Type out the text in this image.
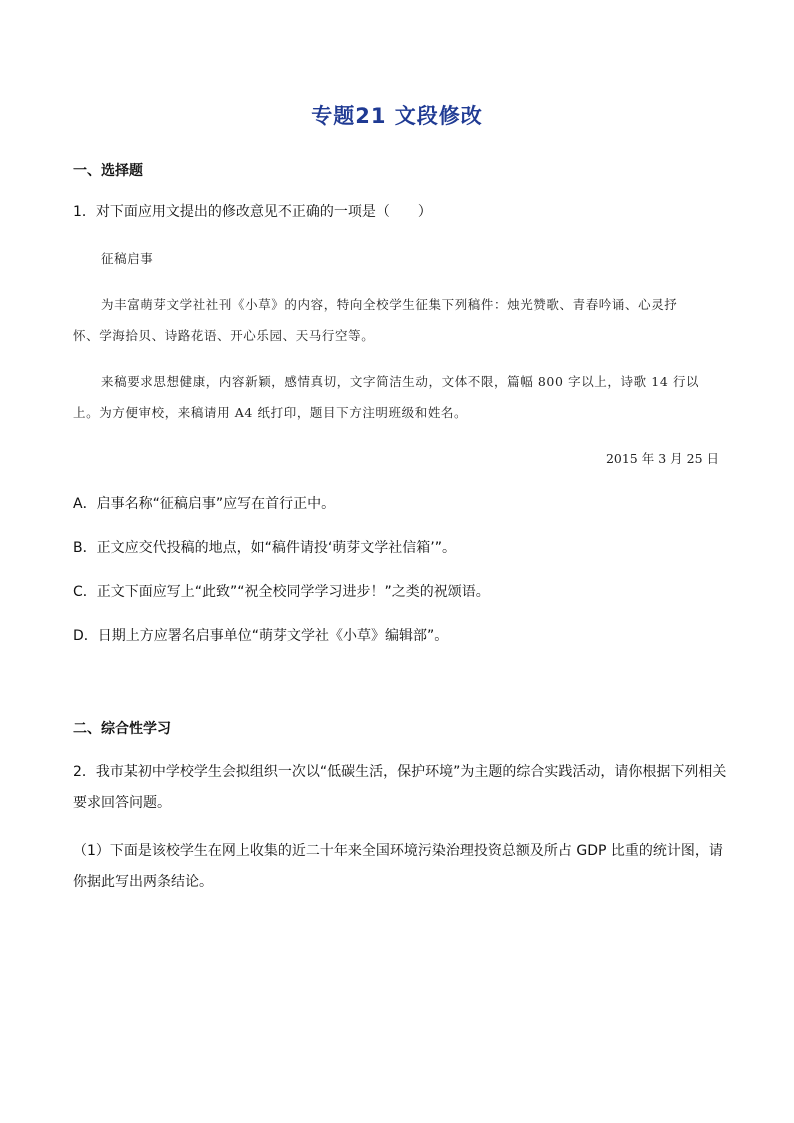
专题21 文段修改
一、选择题
1．对下面应用文提出的修改意见不正确的一项是（　　）
征稿启事
为丰富萌芽文学社社刊《小草》的内容，特向全校学生征集下列稿件：烛光赞歌、青春吟诵、心灵抒
怀、学海拾贝、诗路花语、开心乐园、天马行空等。
来稿要求思想健康，内容新颖，感情真切，文字简洁生动，文体不限，篇幅 800 字以上，诗歌 14 行以
上。为方便审校，来稿请用 A4 纸打印，题目下方注明班级和姓名。
2015 年 3 月 25 日
A．启事名称“征稿启事”应写在首行正中。
B．正文应交代投稿的地点，如“稿件请投‘萌芽文学社信箱’”。
C．正文下面应写上“此致”“祝全校同学学习进步！”之类的祝颂语。
D．日期上方应署名启事单位“萌芽文学社《小草》编辑部”。
二、综合性学习
2．我市某初中学校学生会拟组织一次以“低碳生活，保护环境”为主题的综合实践活动，请你根据下列相关
要求回答问题。
（1）下面是该校学生在网上收集的近二十年来全国环境污染治理投资总额及所占 GDP 比重的统计图，请
你据此写出两条结论。
